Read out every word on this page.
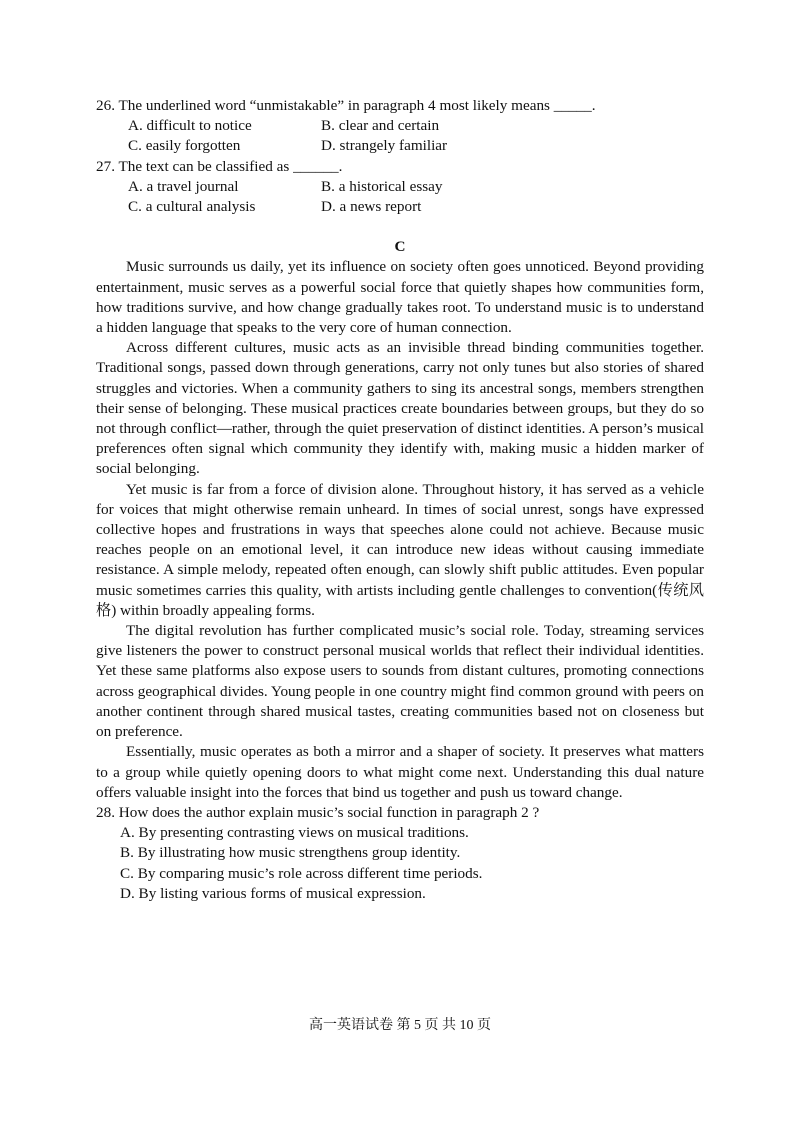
26. The underlined word “unmistakable” in paragraph 4 most likely means _____.

A. difficult to notice	B. clear and certain
C. easily forgotten	D. strangely familiar

27. The text can be classified as ______.

A. a travel journal	B. a historical essay
C. a cultural analysis	D. a news report
C

Music surrounds us daily, yet its influence on society often goes unnoticed. Beyond providing entertainment, music serves as a powerful social force that quietly shapes how communities form, how traditions survive, and how change gradually takes root. To understand music is to understand a hidden language that speaks to the very core of human connection.

Across different cultures, music acts as an invisible thread binding communities together. Traditional songs, passed down through generations, carry not only tunes but also stories of shared struggles and victories. When a community gathers to sing its ancestral songs, members strengthen their sense of belonging. These musical practices create boundaries between groups, but they do so not through conflict—rather, through the quiet preservation of distinct identities. A person’s musical preferences often signal which community they identify with, making music a hidden marker of social belonging.

Yet music is far from a force of division alone. Throughout history, it has served as a vehicle for voices that might otherwise remain unheard. In times of social unrest, songs have expressed collective hopes and frustrations in ways that speeches alone could not achieve. Because music reaches people on an emotional level, it can introduce new ideas without causing immediate resistance. A simple melody, repeated often enough, can slowly shift public attitudes. Even popular music sometimes carries this quality, with artists including gentle challenges to convention(传统风格) within broadly appealing forms.

The digital revolution has further complicated music’s social role. Today, streaming services give listeners the power to construct personal musical worlds that reflect their individual identities. Yet these same platforms also expose users to sounds from distant cultures, promoting connections across geographical divides. Young people in one country might find common ground with peers on another continent through shared musical tastes, creating communities based not on closeness but on preference.

Essentially, music operates as both a mirror and a shaper of society. It preserves what matters to a group while quietly opening doors to what might come next. Understanding this dual nature offers valuable insight into the forces that bind us together and push us toward change.

28. How does the author explain music’s social function in paragraph 2 ?

A. By presenting contrasting views on musical traditions.
B. By illustrating how music strengthens group identity.
C. By comparing music’s role across different time periods.
D. By listing various forms of musical expression.
高一英语试卷 第 5 页 共 10 页
